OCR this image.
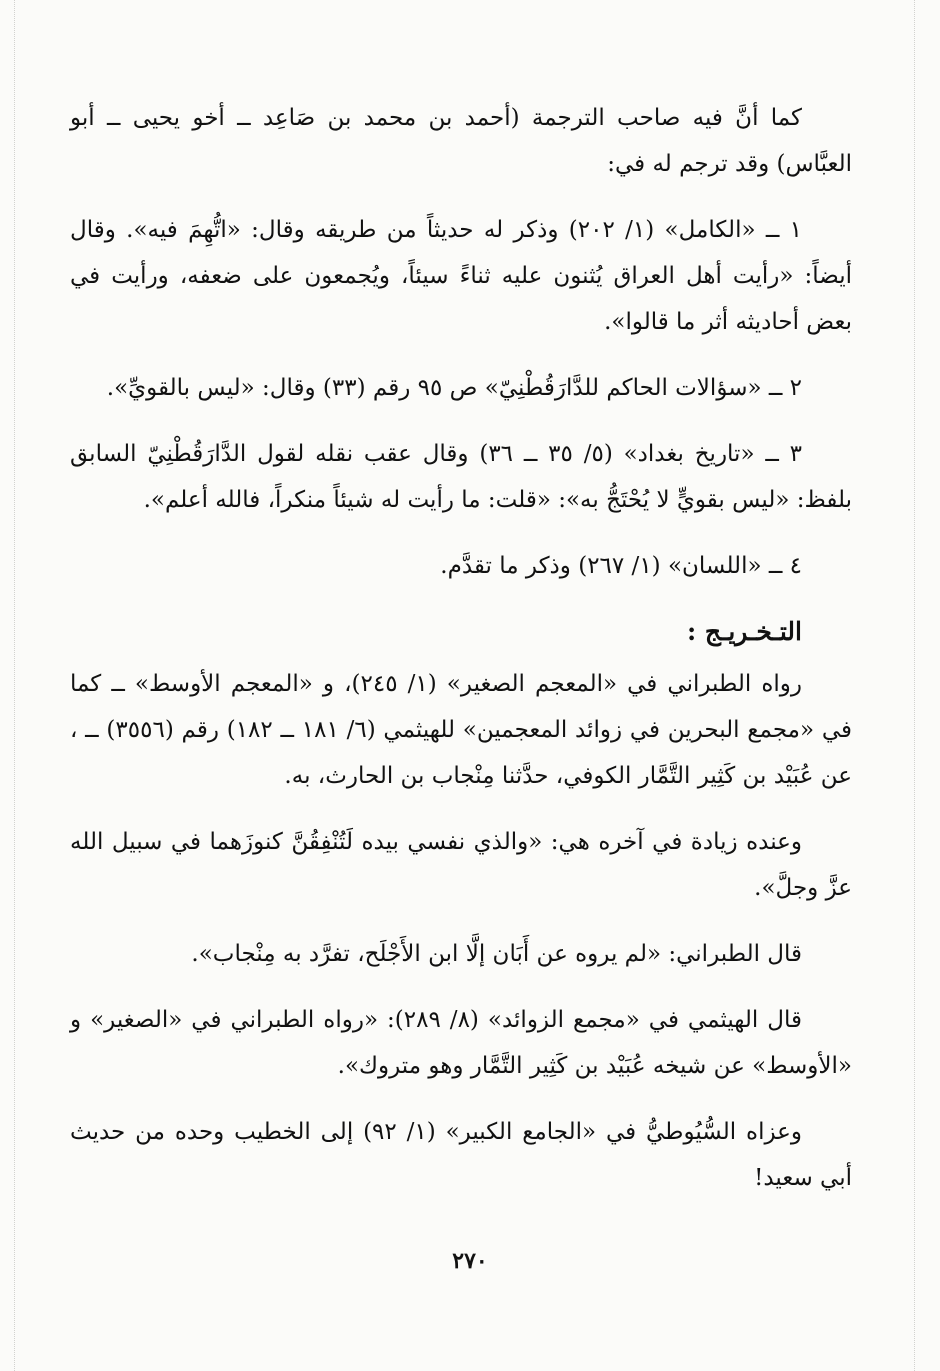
كما أنَّ فيه صاحب الترجمة (أحمد بن محمد بن صَاعِد ــ أخو يحيى ــ أبو العبَّاس) وقد ترجم له في:

١ ــ «الكامل» (١/ ٢٠٢) وذكر له حديثاً من طريقه وقال: «اتُّهِمَ فيه». وقال أيضاً: «رأيت أهل العراق يُثنون عليه ثناءً سيئاً، ويُجمعون على ضعفه، ورأيت في بعض أحاديثه أثر ما قالوا».

٢ ــ «سؤالات الحاكم للدَّارَقُطْنِيّ» ص ٩٥ رقم (٣٣) وقال: «ليس بالقويِّ».

٣ ــ «تاريخ بغداد» (٥/ ٣٥ ــ ٣٦) وقال عقب نقله لقول الدَّارَقُطْنِيّ السابق بلفظ: «ليس بقويٍّ لا يُحْتَجُّ به»: «قلت: ما رأيت له شيئاً منكراً، فالله أعلم».

٤ ــ «اللسان» (١/ ٢٦٧) وذكر ما تقدَّم.

التـخـريـج :

رواه الطبراني في «المعجم الصغير» (١/ ٢٤٥)، و «المعجم الأوسط» ــ كما في «مجمع البحرين في زوائد المعجمين» للهيثمي (٦/ ١٨١ ــ ١٨٢) رقم (٣٥٥٦) ــ ، عن عُبَيْد بن كَثِير التَّمَّار الكوفي، حدَّثنا مِنْجاب بن الحارث، به.

وعنده زيادة في آخره هي: «والذي نفسي بيده لَتُنْفِقُنَّ كنوزَهما في سبيل الله عزَّ وجلَّ».

قال الطبراني: «لم يروه عن أَبَان إلَّا ابن الأَجْلَح، تفرَّد به مِنْجاب».

قال الهيثمي في «مجمع الزوائد» (٨/ ٢٨٩): «رواه الطبراني في «الصغير» و «الأوسط» عن شيخه عُبَيْد بن كَثِير التَّمَّار وهو متروك».

وعزاه السُّيُوطيُّ في «الجامع الكبير» (١/ ٩٢) إلى الخطيب وحده من حديث أبي سعيد!

٢٧٠
